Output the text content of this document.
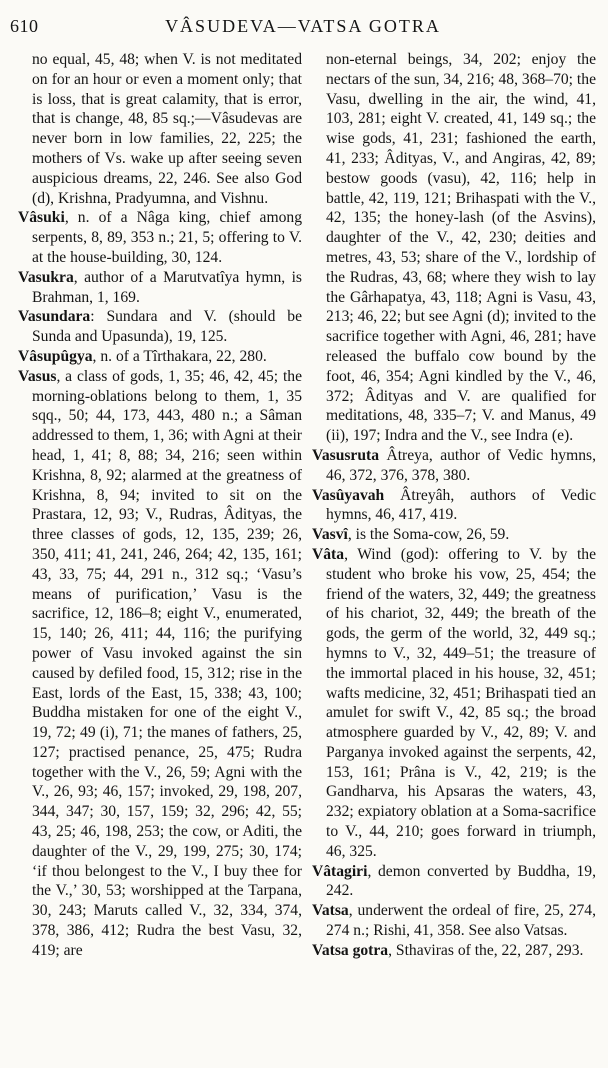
610	VÂSUDEVA—VATSA GOTRA

no equal, 45, 48; when V. is not meditated on for an hour or even a moment only; that is loss, that is great calamity, that is error, that is change, 48, 85 sq.;—Vâsudevas are never born in low families, 22, 225; the mothers of Vs. wake up after seeing seven auspicious dreams, 22, 246. See also God (d), Krishna, Pradyumna, and Vishnu.

Vâsuki, n. of a Nâga king, chief among serpents, 8, 89, 353 n.; 21, 5; offering to V. at the house-building, 30, 124.

Vasukra, author of a Marutvatîya hymn, is Brahman, 1, 169.

Vasundara: Sundara and V. (should be Sunda and Upasunda), 19, 125.

Vâsupûgya, n. of a Tîrthakara, 22, 280.

Vasus, a class of gods, 1, 35; 46, 42, 45; the morning-oblations belong to them, 1, 35 sqq., 50; 44, 173, 443, 480 n.; a Sâman addressed to them, 1, 36; with Agni at their head, 1, 41; 8, 88; 34, 216; seen within Krishna, 8, 92; alarmed at the greatness of Krishna, 8, 94; invited to sit on the Prastara, 12, 93; V., Rudras, Âdityas, the three classes of gods, 12, 135, 239; 26, 350, 411; 41, 241, 246, 264; 42, 135, 161; 43, 33, 75; 44, 291 n., 312 sq.; ‘Vasu’s means of purification,’ Vasu is the sacrifice, 12, 186–8; eight V., enumerated, 15, 140; 26, 411; 44, 116; the purifying power of Vasu invoked against the sin caused by defiled food, 15, 312; rise in the East, lords of the East, 15, 338; 43, 100; Buddha mistaken for one of the eight V., 19, 72; 49 (i), 71; the manes of fathers, 25, 127; practised penance, 25, 475; Rudra together with the V., 26, 59; Agni with the V., 26, 93; 46, 157; invoked, 29, 198, 207, 344, 347; 30, 157, 159; 32, 296; 42, 55; 43, 25; 46, 198, 253; the cow, or Aditi, the daughter of the V., 29, 199, 275; 30, 174; ‘if thou belongest to the V., I buy thee for the V.,’ 30, 53; worshipped at the Tarpana, 30, 243; Maruts called V., 32, 334, 374, 378, 386, 412; Rudra the best Vasu, 32, 419; are

non-eternal beings, 34, 202; enjoy the nectars of the sun, 34, 216; 48, 368–70; the Vasu, dwelling in the air, the wind, 41, 103, 281; eight V. created, 41, 149 sq.; the wise gods, 41, 231; fashioned the earth, 41, 233; Âdityas, V., and Angiras, 42, 89; bestow goods (vasu), 42, 116; help in battle, 42, 119, 121; Brihaspati with the V., 42, 135; the honey-lash (of the Asvins), daughter of the V., 42, 230; deities and metres, 43, 53; share of the V., lordship of the Rudras, 43, 68; where they wish to lay the Gârhapatya, 43, 118; Agni is Vasu, 43, 213; 46, 22; but see Agni (d); invited to the sacrifice together with Agni, 46, 281; have released the buffalo cow bound by the foot, 46, 354; Agni kindled by the V., 46, 372; Âdityas and V. are qualified for meditations, 48, 335–7; V. and Manus, 49 (ii), 197; Indra and the V., see Indra (e).

Vasusruta Âtreya, author of Vedic hymns, 46, 372, 376, 378, 380.

Vasûyavah Âtreyâh, authors of Vedic hymns, 46, 417, 419.

Vasvî, is the Soma-cow, 26, 59.

Vâta, Wind (god): offering to V. by the student who broke his vow, 25, 454; the friend of the waters, 32, 449; the greatness of his chariot, 32, 449; the breath of the gods, the germ of the world, 32, 449 sq.; hymns to V., 32, 449–51; the treasure of the immortal placed in his house, 32, 451; wafts medicine, 32, 451; Brihaspati tied an amulet for swift V., 42, 85 sq.; the broad atmosphere guarded by V., 42, 89; V. and Parganya invoked against the serpents, 42, 153, 161; Prâna is V., 42, 219; is the Gandharva, his Apsaras the waters, 43, 232; expiatory oblation at a Soma-sacrifice to V., 44, 210; goes forward in triumph, 46, 325.

Vâtagiri, demon converted by Buddha, 19, 242.

Vatsa, underwent the ordeal of fire, 25, 274, 274 n.; Rishi, 41, 358. See also Vatsas.

Vatsa gotra, Sthaviras of the, 22, 287, 293.
